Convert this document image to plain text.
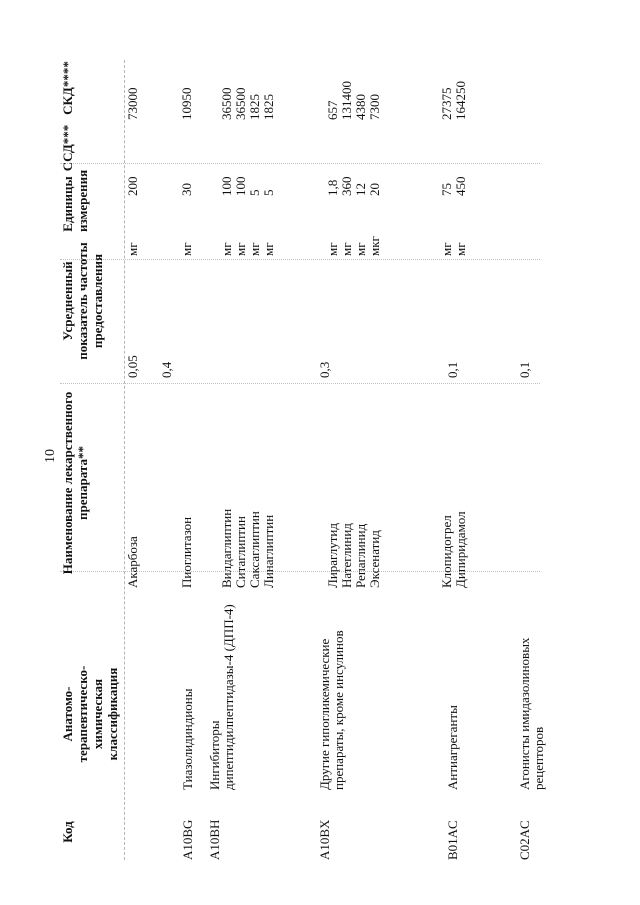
10
Код
Анатомо-терапевтическо-химическая классификация
Наименование лекарственного препарата**
Усредненный показатель частоты предоставления
Единицы измерения
ССД***
СКД****
0,05
Акарбоза
мг
200
73000
A10BG
Тиазолидиндионы
0,4
Пиоглитазон
мг
30
10950
A10BH
Ингибиторы дипептидилпептидазы-4 (ДПП-4)
Вилдаглиптин
мг
100
36500
Ситаглиптин
мг
100
36500
Саксаглиптин
мг
5
1825
Линаглиптин
мг
5
1825
A10BX
Другие гипогликемические препараты, кроме инсулинов
0,3
Лираглутид
мг
1,8
657
Натеглинид
мг
360
131400
Репаглинид
мг
12
4380
Эксенатид
мкг
20
7300
B01AC
Антиагреганты
0,1
Клопидогрел
мг
75
27375
Дипиридамол
мг
450
164250
C02AC
Агонисты имидазолиновых рецепторов
0,1
